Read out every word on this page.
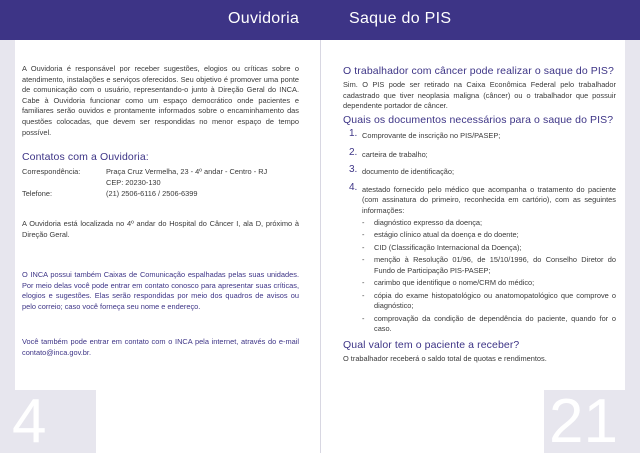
Ouvidoria	Saque do PIS
4	21
A Ouvidoria é responsável por receber sugestões, elogios ou críticas sobre o atendimento, instalações e serviços oferecidos. Seu objetivo é promover uma ponte de comunicação com o usuário, representando-o junto à Direção Geral do INCA. Cabe à Ouvidoria funcionar como um espaço democrático onde pacientes e familiares serão ouvidos e prontamente informados sobre o encaminhamento das questões colocadas, que devem ser respondidas no menor espaço de tempo possível.
Contatos com a Ouvidoria:
Correspondência:	Praça Cruz Vermelha, 23 - 4º andar - Centro - RJ
CEP: 20230-130
Telefone:	(21) 2506-6116 / 2506-6399
A Ouvidoria está localizada no 4º andar do Hospital do Câncer I, ala D, próximo à Direção Geral.
O INCA possui também Caixas de Comunicação espalhadas pelas suas unidades. Por meio delas você pode entrar em contato conosco para apresentar suas críticas, elogios e sugestões. Elas serão respondidas por meio dos quadros de avisos ou pelo correio; caso você forneça seu nome e endereço.
Você também pode entrar em contato com o INCA pela internet, através do e-mail contato@inca.gov.br.
O trabalhador com câncer pode realizar o saque do PIS?
Sim. O PIS pode ser retirado na Caixa Econômica Federal pelo trabalhador cadastrado que tiver neoplasia maligna (câncer) ou o trabalhador que possuir dependente portador de câncer.
Quais os documentos necessários para o saque do PIS?
1. Comprovante de inscrição no PIS/PASEP;
2. carteira de trabalho;
3. documento de identificação;
4. atestado fornecido pelo médico que acompanha o tratamento do paciente (com assinatura do primeiro, reconhecida em cartório), com as seguintes informações:
- diagnóstico expresso da doença;
- estágio clínico atual da doença e do doente;
- CID (Classificação Internacional da Doença);
- menção à Resolução 01/96, de 15/10/1996, do Conselho Diretor do Fundo de Participação PIS-PASEP;
- carimbo que identifique o nome/CRM do médico;
- cópia do exame histopatológico ou anatomopatológico que comprove o diagnóstico;
- comprovação da condição de dependência do paciente, quando for o caso.
Qual valor tem o paciente a receber?
O trabalhador receberá o saldo total de quotas e rendimentos.
